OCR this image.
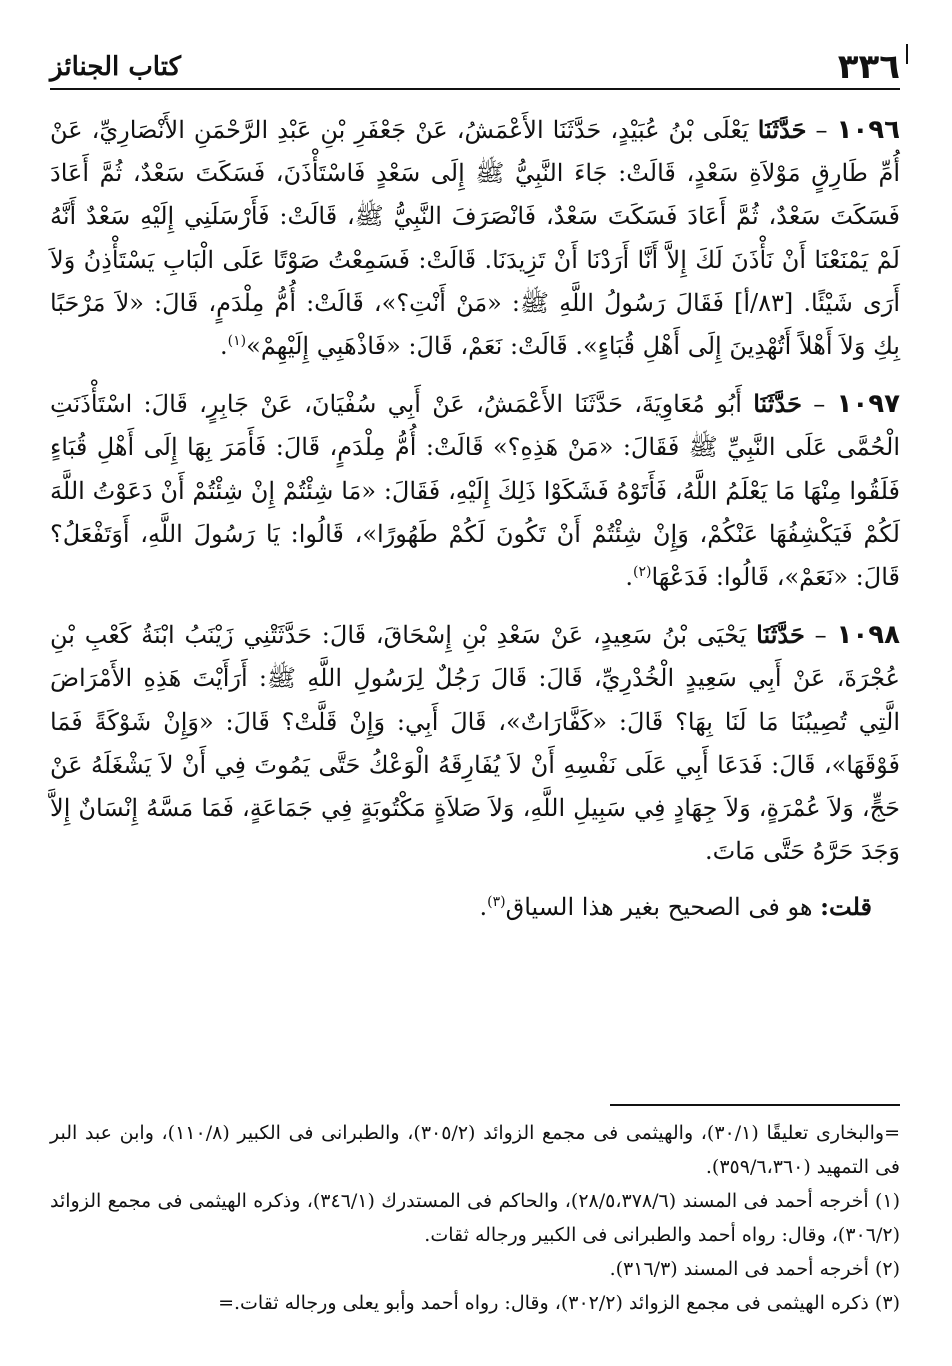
٣٣٦
كتاب الجنائز

١٠٩٦ – حَدَّثَنَا يَعْلَى بْنُ عُبَيْدٍ، حَدَّثَنَا الأَعْمَشُ، عَنْ جَعْفَرِ بْنِ عَبْدِ الرَّحْمَنِ الأَنْصَارِيِّ، عَنْ أُمِّ طَارِقٍ مَوْلاَةِ سَعْدٍ، قَالَتْ: جَاءَ النَّبِيُّ ﷺ إِلَى سَعْدٍ فَاسْتَأْذَنَ، فَسَكَتَ سَعْدٌ، ثُمَّ أَعَادَ فَسَكَتَ سَعْدٌ، ثُمَّ أَعَادَ فَسَكَتَ سَعْدٌ، فَانْصَرَفَ النَّبِيُّ ﷺ، قَالَتْ: فَأَرْسَلَنِي إِلَيْهِ سَعْدٌ أَنَّهُ لَمْ يَمْنَعْنَا أَنْ نَأْذَنَ لَكَ إِلاَّ أَنَّا أَرَدْنَا أَنْ تَزِيدَنَا. قَالَتْ: فَسَمِعْتُ صَوْتًا عَلَى الْبَابِ يَسْتَأْذِنُ وَلاَ أَرَى شَيْئًا. [٨٣/أ] فَقَالَ رَسُولُ اللَّهِ ﷺ: «مَنْ أَنْتِ؟»، قَالَتْ: أُمُّ مِلْدَمٍ، قَالَ: «لاَ مَرْحَبًا بِكِ وَلاَ أَهْلاً أَتُهْدِينَ إِلَى أَهْلِ قُبَاءٍ». قَالَتْ: نَعَمْ، قَالَ: «فَاذْهَبِي إِلَيْهِمْ»$^{(١)}$.

١٠٩٧ – حَدَّثَنَا أَبُو مُعَاوِيَةَ، حَدَّثَنَا الأَعْمَشُ، عَنْ أَبِي سُفْيَانَ، عَنْ جَابِرٍ، قَالَ: اسْتَأْذَنَتِ الْحُمَّى عَلَى النَّبِيِّ ﷺ فَقَالَ: «مَنْ هَذِهِ؟» قَالَتْ: أُمُّ مِلْدَمٍ، قَالَ: فَأَمَرَ بِهَا إِلَى أَهْلِ قُبَاءٍ فَلَقُوا مِنْهَا مَا يَعْلَمُ اللَّهُ، فَأَتَوْهُ فَشَكَوْا ذَلِكَ إِلَيْهِ، فَقَالَ: «مَا شِئْتُمْ إِنْ شِئْتُمْ أَنْ دَعَوْتُ اللَّهَ لَكُمْ فَيَكْشِفُهَا عَنْكُمْ، وَإِنْ شِئْتُمْ أَنْ تَكُونَ لَكُمْ طَهُورًا»، قَالُوا: يَا رَسُولَ اللَّهِ، أَوَتَفْعَلُ؟ قَالَ: «نَعَمْ»، قَالُوا: فَدَعْهَا$^{(٢)}$.

١٠٩٨ – حَدَّثَنَا يَحْيَى بْنُ سَعِيدٍ، عَنْ سَعْدِ بْنِ إِسْحَاقَ، قَالَ: حَدَّثَتْنِي زَيْنَبُ ابْنَةُ كَعْبِ بْنِ عُجْرَةَ، عَنْ أَبِي سَعِيدٍ الْخُدْرِيِّ، قَالَ: قَالَ رَجُلٌ لِرَسُولِ اللَّهِ ﷺ: أَرَأَيْتَ هَذِهِ الأَمْرَاضَ الَّتِي تُصِيبُنَا مَا لَنَا بِهَا؟ قَالَ: «كَفَّارَاتٌ»، قَالَ أَبِي: وَإِنْ قَلَّتْ؟ قَالَ: «وَإِنْ شَوْكَةً فَمَا فَوْقَهَا»، قَالَ: فَدَعَا أَبِي عَلَى نَفْسِهِ أَنْ لاَ يُفَارِقَهُ الْوَعْكُ حَتَّى يَمُوتَ فِي أَنْ لاَ يَشْغَلَهُ عَنْ حَجٍّ، وَلاَ عُمْرَةٍ، وَلاَ جِهَادٍ فِي سَبِيلِ اللَّهِ، وَلاَ صَلاَةٍ مَكْتُوبَةٍ فِي جَمَاعَةٍ، فَمَا مَسَّهُ إِنْسَانٌ إِلاَّ وَجَدَ حَرَّهُ حَتَّى مَاتَ.

قلت: هو فى الصحيح بغير هذا السياق$^{(٣)}$.

=والبخارى تعليقًا (٣٠/١)، والهيثمى فى مجمع الزوائد (٣٠٥/٢)، والطبرانى فى الكبير (١١٠/٨)، وابن عبد البر فى التمهيد (٣٥٩/٦،٣٦٠).

(١) أخرجه أحمد فى المسند (٢٨/٥،٣٧٨/٦)، والحاكم فى المستدرك (٣٤٦/١)، وذكره الهيثمى فى مجمع الزوائد (٣٠٦/٢)، وقال: رواه أحمد والطبرانى فى الكبير ورجاله ثقات.

(٢) أخرجه أحمد فى المسند (٣١٦/٣).

(٣) ذكره الهيثمى فى مجمع الزوائد (٣٠٢/٢)، وقال: رواه أحمد وأبو يعلى ورجاله ثقات.=
